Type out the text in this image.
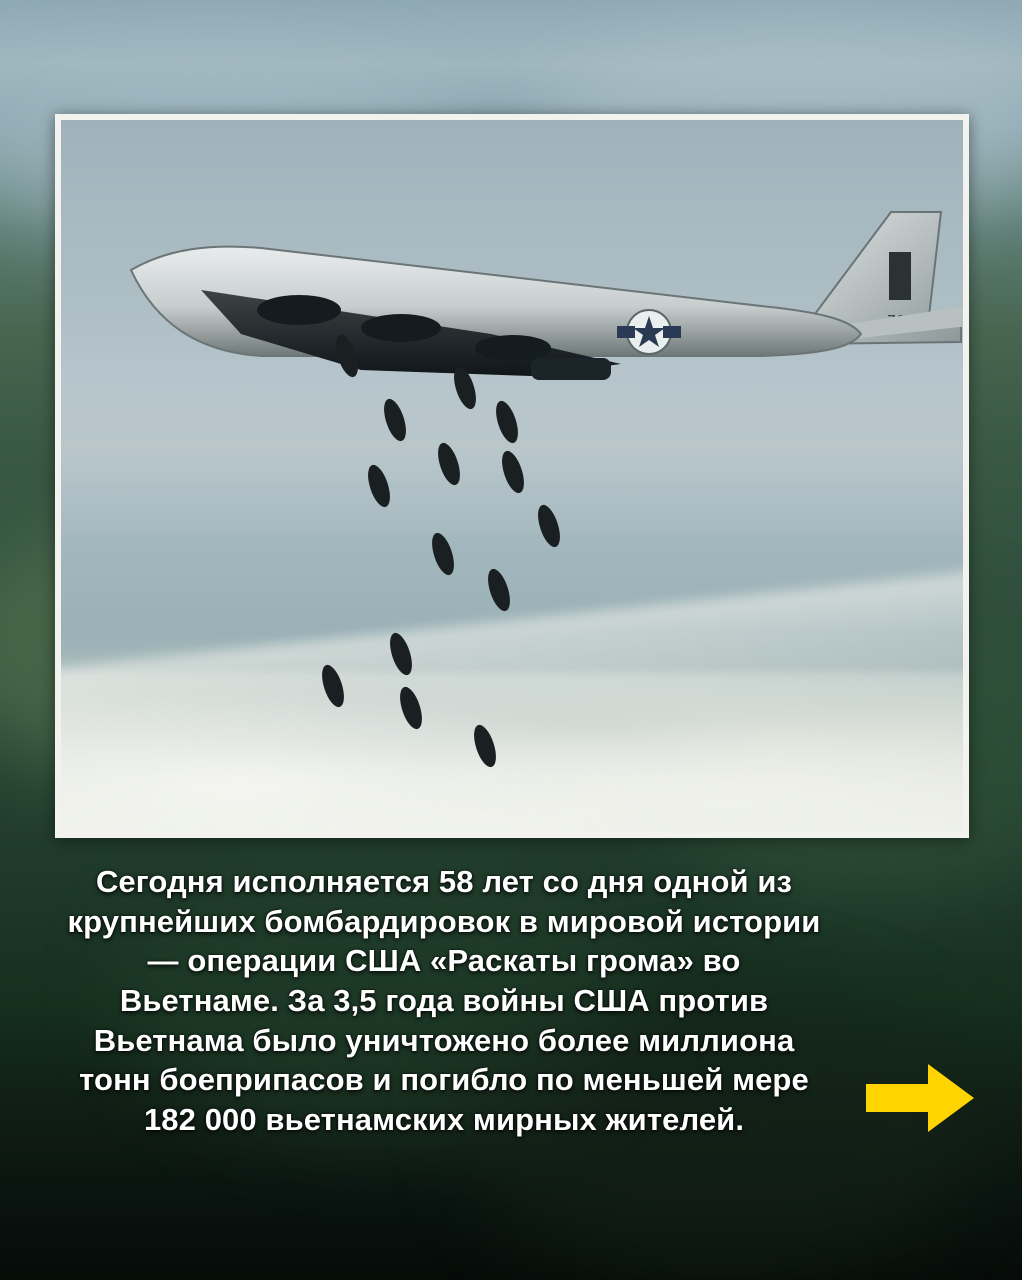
Сегодня исполняется 58 лет со дня одной из крупнейших бомбардировок в мировой истории — операции США «Раскаты грома» во Вьетнаме. За 3,5 года войны США против Вьетнама было уничтожено более миллиона тонн боеприпасов и погибло по меньшей мере 182 000 вьетнамских мирных жителей.
